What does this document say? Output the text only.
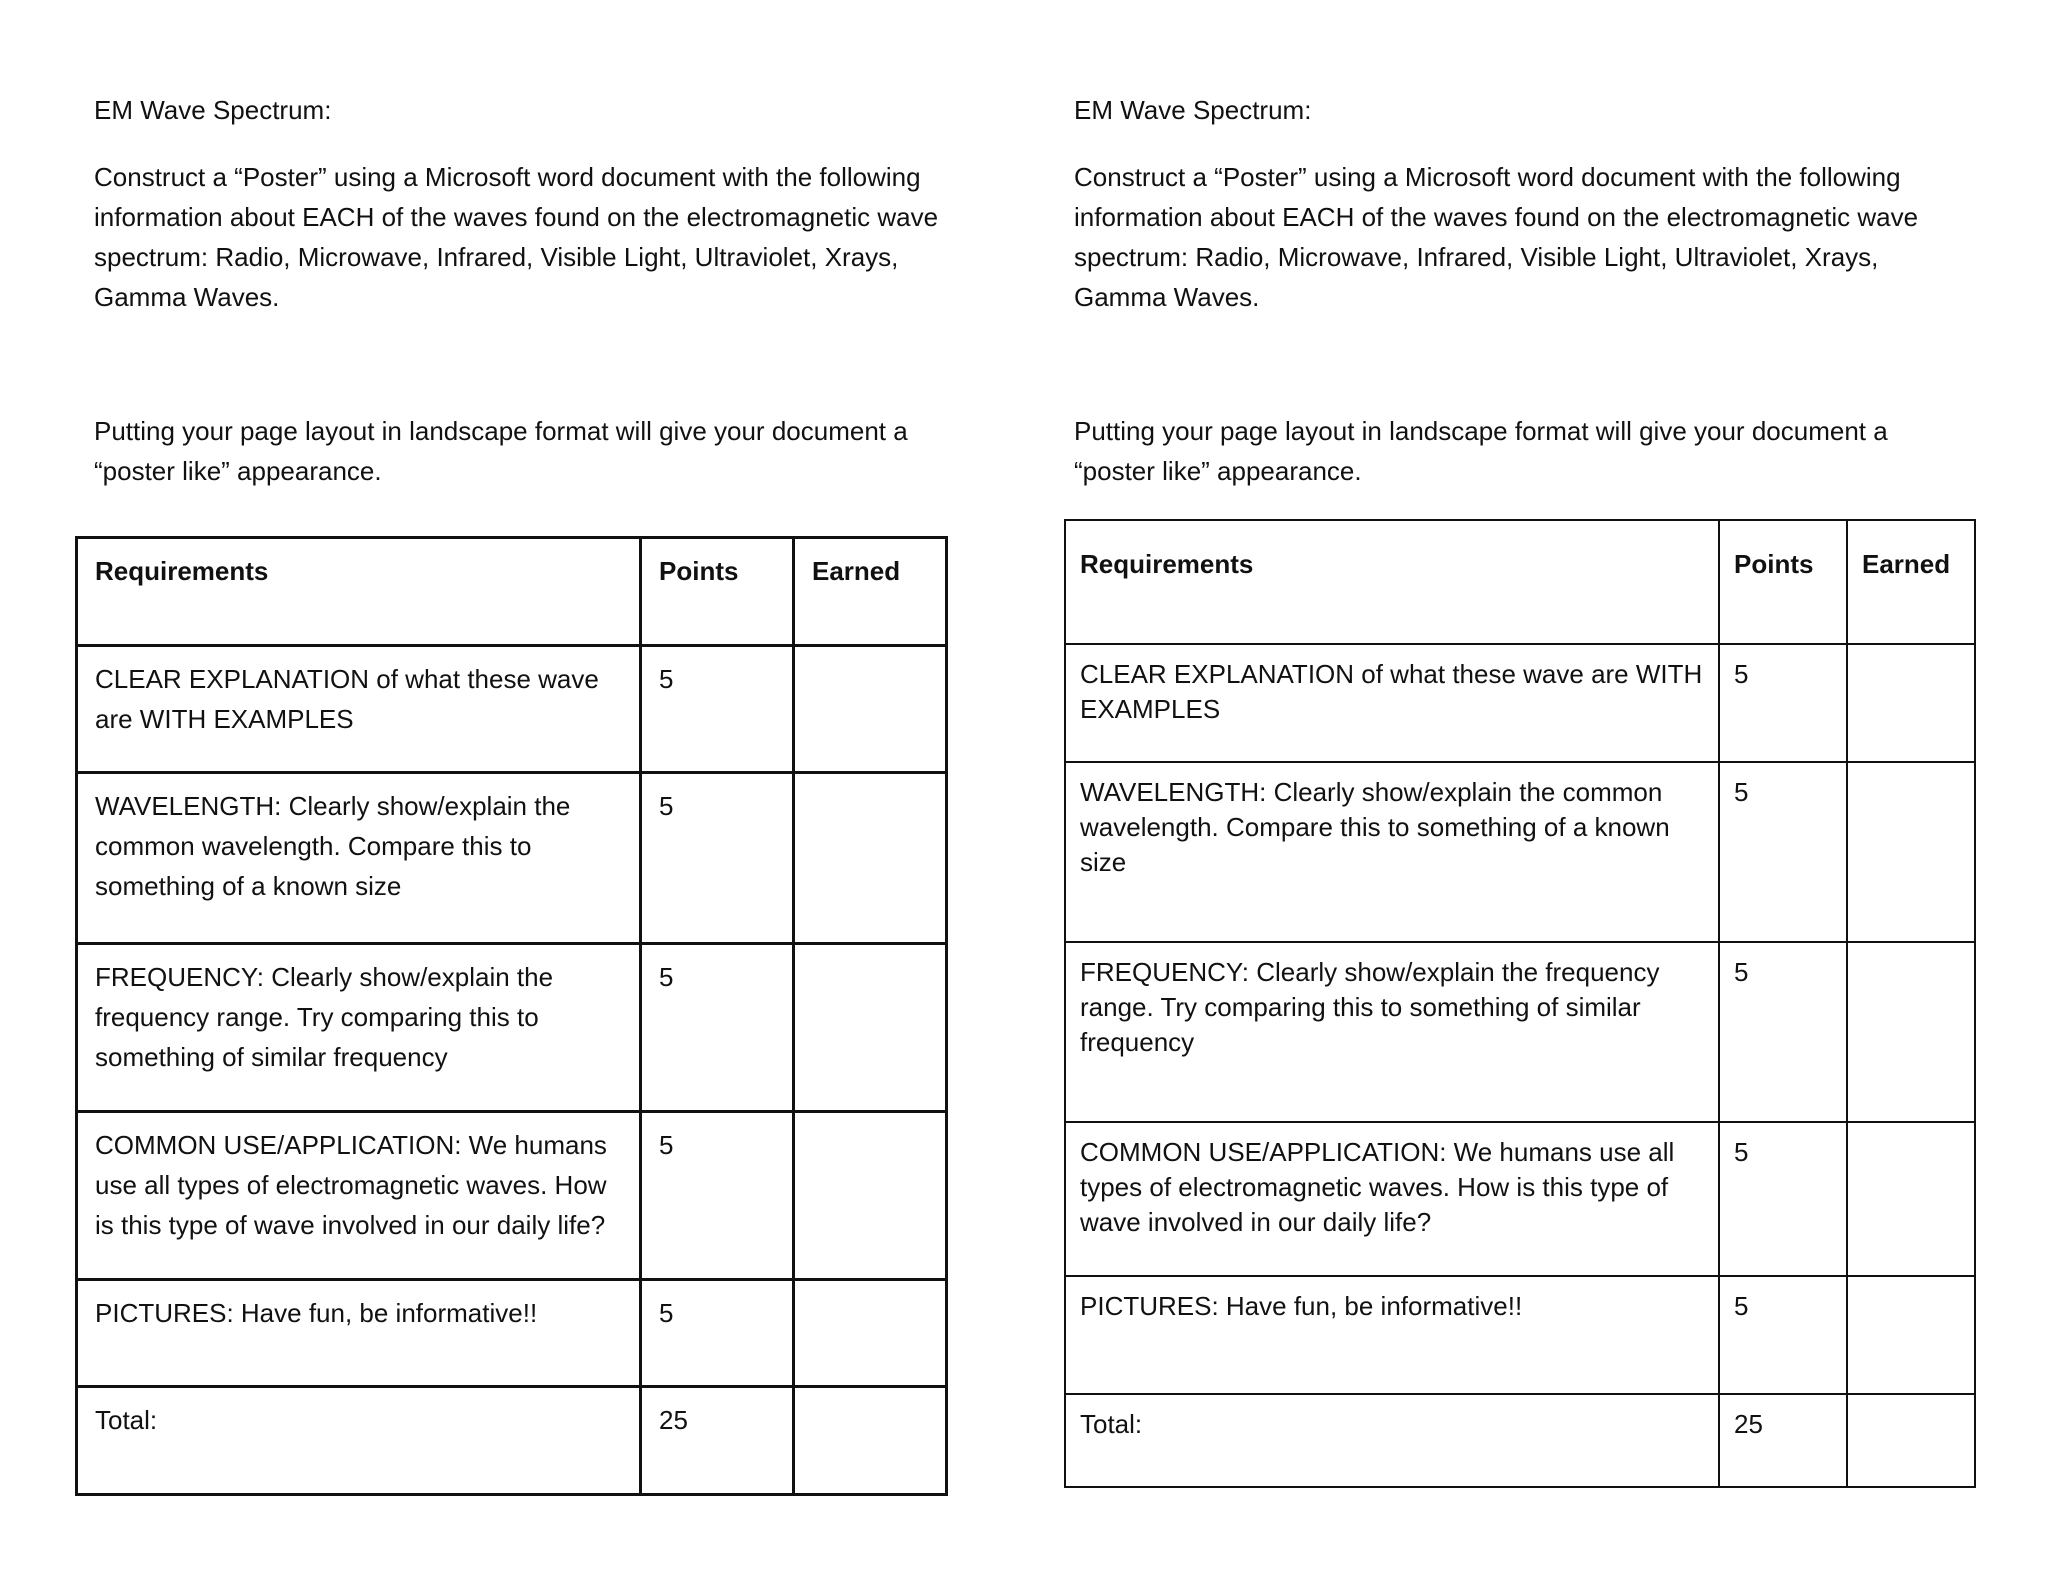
EM Wave Spectrum:
Construct a “Poster” using a Microsoft word document with the following information about EACH of the waves found on the electromagnetic wave spectrum: Radio, Microwave, Infrared, Visible Light, Ultraviolet, Xrays, Gamma Waves.
Putting your page layout in landscape format will give your document a “poster like” appearance.
Requirements	Points	Earned
CLEAR EXPLANATION of what these wave are WITH EXAMPLES	5	
WAVELENGTH: Clearly show/explain the common wavelength. Compare this to something of a known size	5	
FREQUENCY: Clearly show/explain the frequency range. Try comparing this to something of similar frequency	5	
COMMON USE/APPLICATION: We humans use all types of electromagnetic waves. How is this type of wave involved in our daily life?	5	
PICTURES: Have fun, be informative!!	5	
Total:	25	
EM Wave Spectrum:
Construct a “Poster” using a Microsoft word document with the following information about EACH of the waves found on the electromagnetic wave spectrum: Radio, Microwave, Infrared, Visible Light, Ultraviolet, Xrays, Gamma Waves.
Putting your page layout in landscape format will give your document a “poster like” appearance.
Requirements	Points	Earned
CLEAR EXPLANATION of what these wave are WITH EXAMPLES	5	
WAVELENGTH: Clearly show/explain the common wavelength. Compare this to something of a known size	5	
FREQUENCY: Clearly show/explain the frequency range. Try comparing this to something of similar frequency	5	
COMMON USE/APPLICATION: We humans use all types of electromagnetic waves. How is this type of wave involved in our daily life?	5	
PICTURES: Have fun, be informative!!	5	
Total:	25	
